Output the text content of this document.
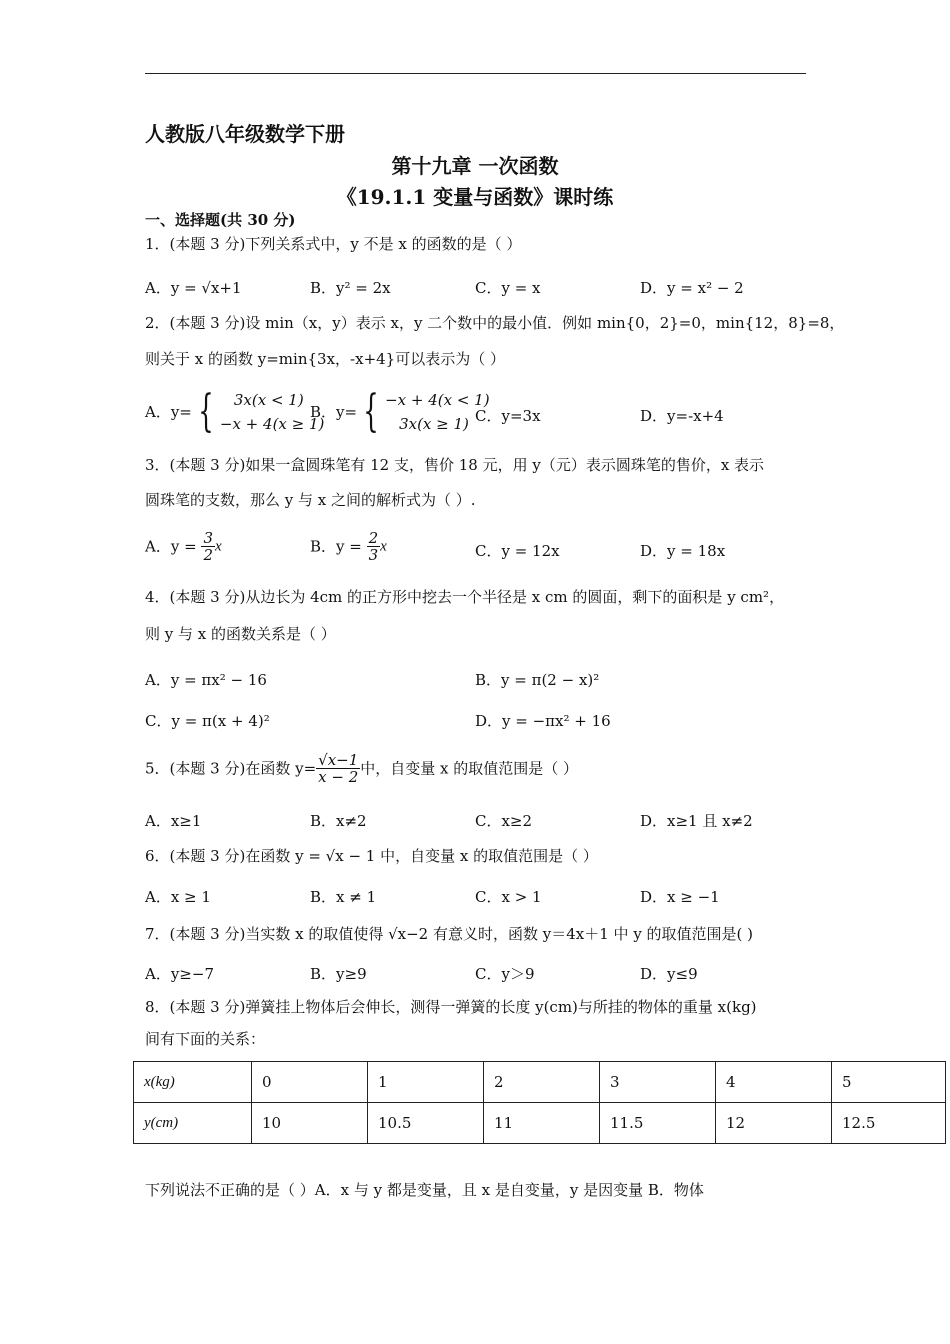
人教版八年级数学下册
第十九章 一次函数
《19.1.1 变量与函数》课时练
一、选择题(共 30 分)
1．(本题 3 分)下列关系式中，y 不是 x 的函数的是（ ）
A．y = √x+1	B．y² = 2x	C．y = x	D．y = x² − 2
2．(本题 3 分)设 min（x，y）表示 x，y 二个数中的最小值．例如 min{0，2}=0，min{12，8}=8，
则关于 x 的函数 y=min{3x，-x+4}可以表示为（ ）
A．y= {	3x(x < 1)
−x + 4(x ≥ 1)
B．y= { −x + 4(x < 1)
3x(x ≥ 1) C．y=3x	D．y=-x+4
3．(本题 3 分)如果一盒圆珠笔有 12 支，售价 18 元，用 y（元）表示圆珠笔的售价，x 表示
圆珠笔的支数，那么 y 与 x 之间的解析式为（ ）.
A．$y = \frac{3}{2}$ x	B．$y = \frac{2}{3}$ x	C．y = 12x	D．y = 18x
4．(本题 3 分)从边长为 4cm 的正方形中挖去一个半径是 x cm 的圆面，剩下的面积是 y cm²，
则 y 与 x 的函数关系是（ ）
A．y = πx² − 16	B．y = π(2 − x)²
C．y = π(x + 4)²	D．y = −πx² + 16
5．(本题 3 分)在函数 $y= \frac{√x-1}{x - 2}$ 中，自变量 x 的取值范围是（ ）
A．x≥1	B．x≠2	C．x≥2	D．x≥1 且 x≠2
6．(本题 3 分)在函数 y = √x − 1 中，自变量 x 的取值范围是（ ）
A．x ≥ 1	B．x ≠ 1	C．x > 1	D．x ≥ −1
7．(本题 3 分)当实数 x 的取值使得 √x−2 有意义时，函数 y＝4x＋1 中 y 的取值范围是( )
A．y≥−7	B．y≥9	C．y＞9	D．y≤9
8．(本题 3 分)弹簧挂上物体后会伸长，测得一弹簧的长度 y(cm)与所挂的物体的重量 x(kg)
间有下面的关系：
x(kg)	0	1	2	3	4	5
y(cm)	10	10.5	11	11.5	12	12.5
下列说法不正确的是（ ）A．x 与 y 都是变量，且 x 是自变量，y 是因变量 B．物体
